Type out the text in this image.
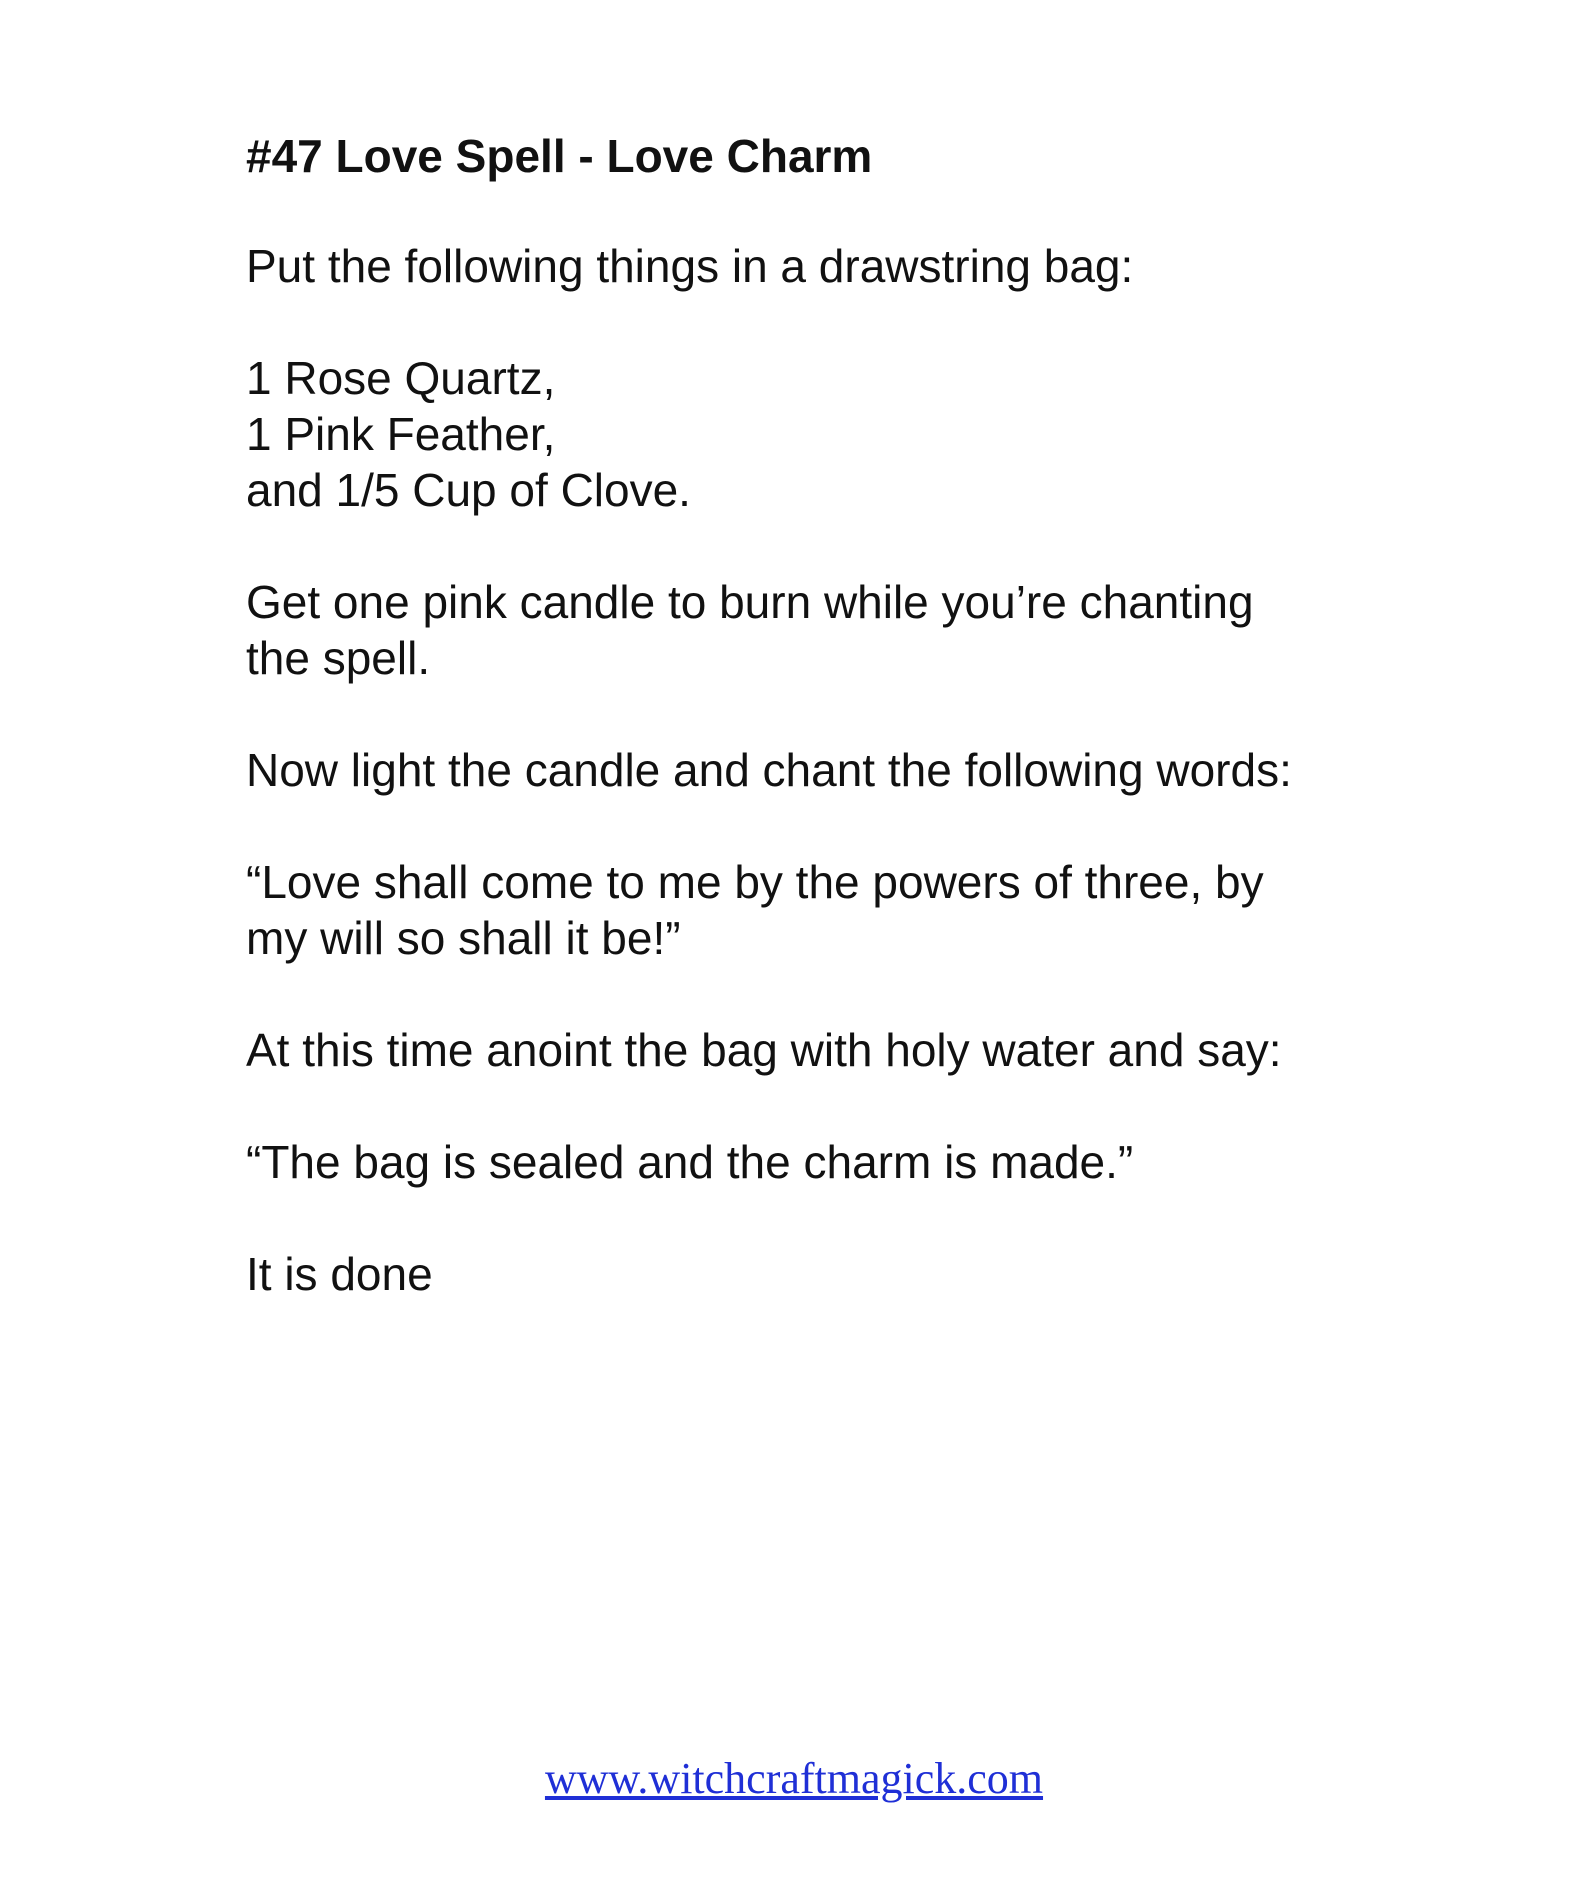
#47 Love Spell - Love Charm
Put the following things in a drawstring bag:
1 Rose Quartz,
1 Pink Feather,
and 1/5 Cup of Clove.
Get one pink candle to burn while you’re chanting
the spell.
Now light the candle and chant the following words:
“Love shall come to me by the powers of three, by
my will so shall it be!”
At this time anoint the bag with holy water and say:
“The bag is sealed and the charm is made.”
It is done
www.witchcraftmagick.com
